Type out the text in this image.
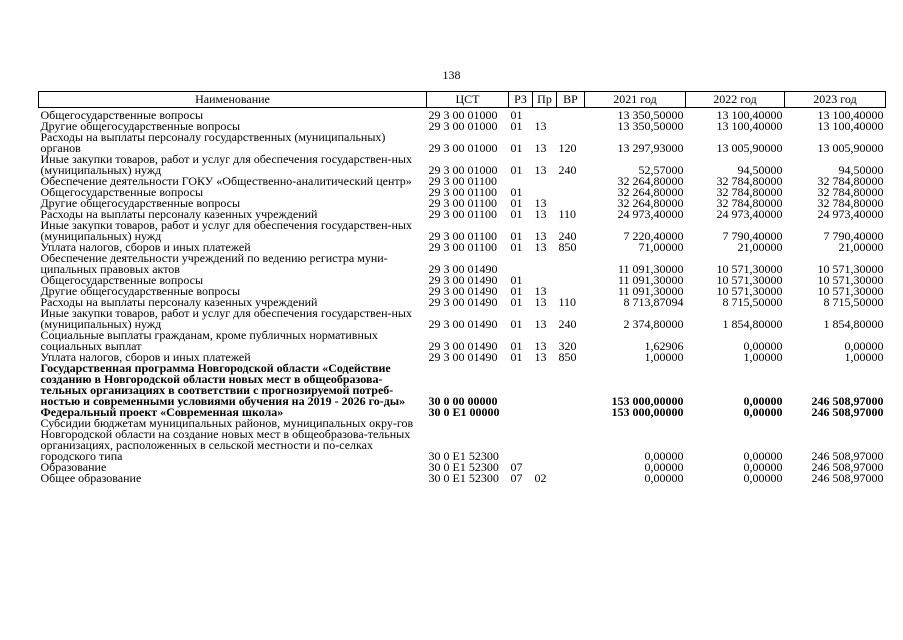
138
Наименование	ЦСТ	РЗ	Пр	ВР	2021 год	2022 год	2023 год
Общегосударственные вопросы	29 3 00 01000	01			13 350,50000	13 100,40000	13 100,40000
Другие общегосударственные вопросы	29 3 00 01000	01	13		13 350,50000	13 100,40000	13 100,40000
Расходы на выплаты персоналу государственных (муниципальных) органов	29 3 00 01000	01	13	120	13 297,93000	13 005,90000	13 005,90000
Иные закупки товаров, работ и услуг для обеспечения государствен-ных (муниципальных) нужд	29 3 00 01000	01	13	240	52,57000	94,50000	94,50000
Обеспечение деятельности ГОКУ «Общественно-аналитический центр»	29 3 00 01100				32 264,80000	32 784,80000	32 784,80000
Общегосударственные вопросы	29 3 00 01100	01			32 264,80000	32 784,80000	32 784,80000
Другие общегосударственные вопросы	29 3 00 01100	01	13		32 264,80000	32 784,80000	32 784,80000
Расходы на выплаты персоналу казенных учреждений	29 3 00 01100	01	13	110	24 973,40000	24 973,40000	24 973,40000
Иные закупки товаров, работ и услуг для обеспечения государствен-ных (муниципальных) нужд	29 3 00 01100	01	13	240	7 220,40000	7 790,40000	7 790,40000
Уплата налогов, сборов и иных платежей	29 3 00 01100	01	13	850	71,00000	21,00000	21,00000
Обеспечение деятельности учреждений по ведению регистра муни-ципальных правовых актов	29 3 00 01490				11 091,30000	10 571,30000	10 571,30000
Общегосударственные вопросы	29 3 00 01490	01			11 091,30000	10 571,30000	10 571,30000
Другие общегосударственные вопросы	29 3 00 01490	01	13		11 091,30000	10 571,30000	10 571,30000
Расходы на выплаты персоналу казенных учреждений	29 3 00 01490	01	13	110	8 713,87094	8 715,50000	8 715,50000
Иные закупки товаров, работ и услуг для обеспечения государствен-ных (муниципальных) нужд	29 3 00 01490	01	13	240	2 374,80000	1 854,80000	1 854,80000
Социальные выплаты гражданам, кроме публичных нормативных социальных выплат	29 3 00 01490	01	13	320	1,62906	0,00000	0,00000
Уплата налогов, сборов и иных платежей	29 3 00 01490	01	13	850	1,00000	1,00000	1,00000
Государственная программа Новгородской области «Содействие созданию в Новгородской области новых мест в общеобразова-тельных организациях в соответствии с прогнозируемой потреб-ностью и современными условиями обучения на 2019 - 2026 го-ды»	30 0 00 00000				153 000,00000	0,00000	246 508,97000
Федеральный проект «Современная школа»	30 0 E1 00000				153 000,00000	0,00000	246 508,97000
Субсидии бюджетам муниципальных районов, муниципальных окру-гов Новгородской области на создание новых мест в общеобразова-тельных организациях, расположенных в сельской местности и по-селках городского типа	30 0 E1 52300				0,00000	0,00000	246 508,97000
Образование	30 0 E1 52300	07			0,00000	0,00000	246 508,97000
Общее образование	30 0 E1 52300	07	02		0,00000	0,00000	246 508,97000
